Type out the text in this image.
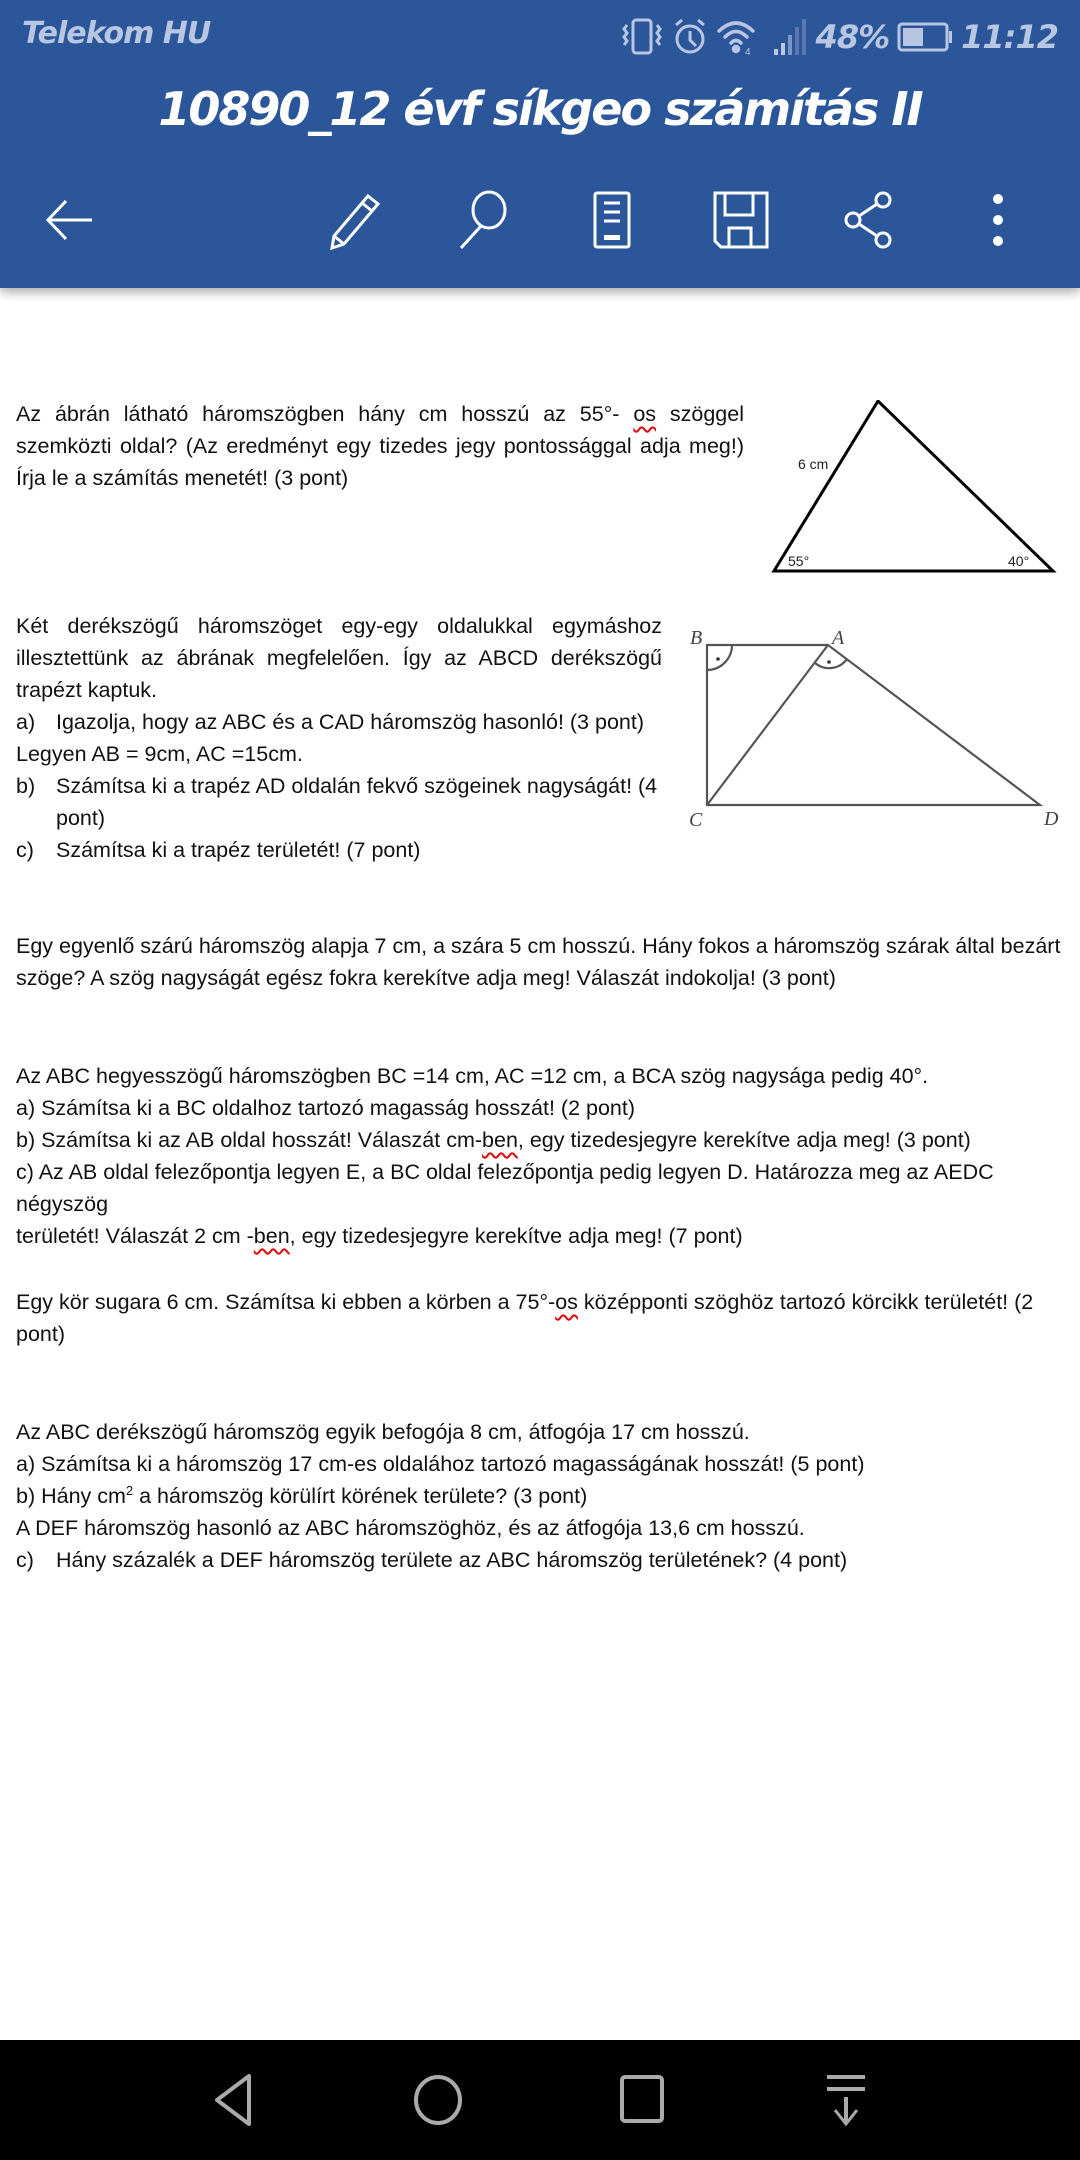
Telekom HU
4 48% 11:12
10890_12 évf síkgeo számítás II
Az ábrán látható háromszögben hány cm hosszú az 55°- os szöggel szemközti oldal? (Az eredményt egy tizedes jegy pontossággal adja meg!) Írja le a számítás menetét! (3 pont)
6 cm
55°	40°
Két derékszögű háromszöget egy-egy oldalukkal egymáshoz illesztettünk az ábrának megfelelően. Így az ABCD derékszögű trapézt kaptuk.
a) Igazolja, hogy az ABC és a CAD háromszög hasonló! (3 pont)
Legyen AB = 9cm, AC =15cm.
b) Számítsa ki a trapéz AD oldalán fekvő szögeinek nagyságát! (4 pont)
c)	Számítsa ki a trapéz területét! (7 pont)
B	A
C	D
Egy egyenlő szárú háromszög alapja 7 cm, a szára 5 cm hosszú. Hány fokos a háromszög szárak által bezárt szöge? A szög nagyságát egész fokra kerekítve adja meg! Válaszát indokolja! (3 pont)
Az ABC hegyesszögű háromszögben BC =14 cm, AC =12 cm, a BCA szög nagysága pedig 40°.
a) Számítsa ki a BC oldalhoz tartozó magasság hosszát! (2 pont)
b) Számítsa ki az AB oldal hosszát! Válaszát cm-ben, egy tizedesjegyre kerekítve adja meg! (3 pont)
c) Az AB oldal felezőpontja legyen E, a BC oldal felezőpontja pedig legyen D. Határozza meg az AEDC négyszög
területét! Válaszát 2 cm -ben, egy tizedesjegyre kerekítve adja meg! (7 pont)
Egy kör sugara 6 cm. Számítsa ki ebben a körben a 75°-os középponti szöghöz tartozó körcikk területét! (2 pont)
Az ABC derékszögű háromszög egyik befogója 8 cm, átfogója 17 cm hosszú.
a) Számítsa ki a háromszög 17 cm-es oldalához tartozó magasságának hosszát! (5 pont)
b) Hány $cm^2$ a háromszög körülírt körének területe? (3 pont)
A DEF háromszög hasonló az ABC háromszöghöz, és az átfogója 13,6 cm hosszú.
c)	Hány százalék a DEF háromszög területe az ABC háromszög területének? (4 pont)
